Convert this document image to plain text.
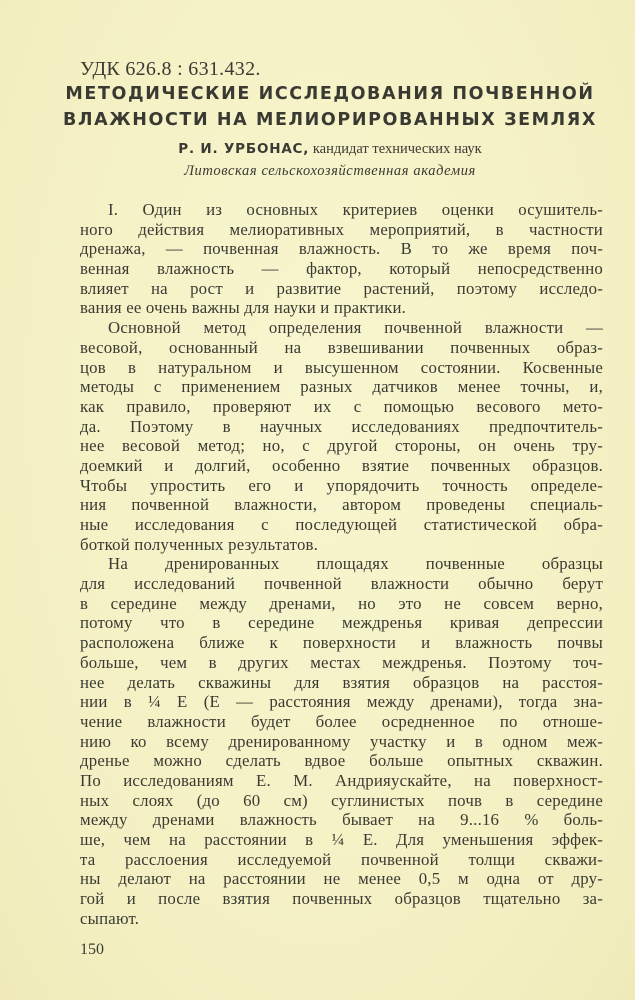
УДК 626.8 : 631.432.
МЕТОДИЧЕСКИЕ ИССЛЕДОВАНИЯ ПОЧВЕННОЙ
ВЛАЖНОСТИ НА МЕЛИОРИРОВАННЫХ ЗЕМЛЯХ
Р. И. УРБОНАС, кандидат технических наук
Литовская сельскохозяйственная академия
I. Один из основных критериев оценки осушитель-
ного действия мелиоративных мероприятий, в частности
дренажа, — почвенная влажность. В то же время поч-
венная влажность — фактор, который непосредственно
влияет на рост и развитие растений, поэтому исследо-
вания ее очень важны для науки и практики.
Основной метод определения почвенной влажности —
весовой, основанный на взвешивании почвенных образ-
цов в натуральном и высушенном состоянии. Косвенные
методы с применением разных датчиков менее точны, и,
как правило, проверяют их с помощью весового мето-
да. Поэтому в научных исследованиях предпочтитель-
нее весовой метод; но, с другой стороны, он очень тру-
доемкий и долгий, особенно взятие почвенных образцов.
Чтобы упростить его и упорядочить точность определе-
ния почвенной влажности, автором проведены специаль-
ные исследования с последующей статистической обра-
боткой полученных результатов.
На дренированных площадях почвенные образцы
для исследований почвенной влажности обычно берут
в середине между дренами, но это не совсем верно,
потому что в середине междренья кривая депрессии
расположена ближе к поверхности и влажность почвы
больше, чем в других местах междренья. Поэтому точ-
нее делать скважины для взятия образцов на расстоя-
нии в ¼ E (E — расстояния между дренами), тогда зна-
чение влажности будет более осредненное по отноше-
нию ко всему дренированному участку и в одном меж-
дренье можно сделать вдвое больше опытных скважин.
По исследованиям Е. М. Андрияускайте, на поверхност-
ных слоях (до 60 см) суглинистых почв в середине
между дренами влажность бывает на 9...16 % боль-
ше, чем на расстоянии в ¼ E. Для уменьшения эффек-
та расслоения исследуемой почвенной толщи скважи-
ны делают на расстоянии не менее 0,5 м одна от дру-
гой и после взятия почвенных образцов тщательно за-
сыпают.
150
